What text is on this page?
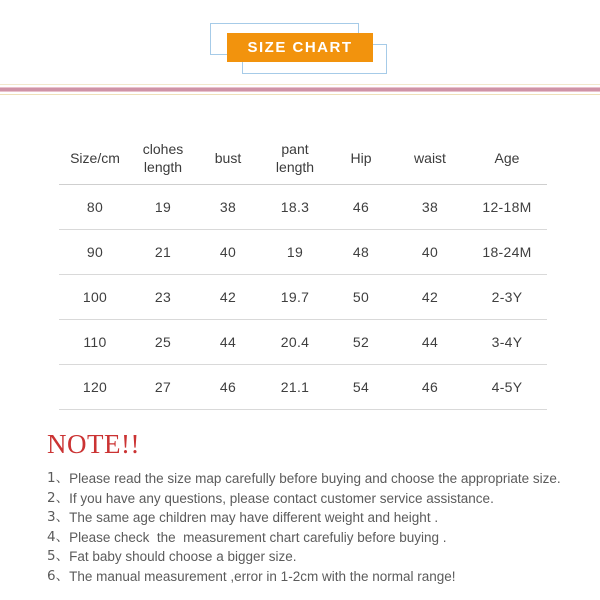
SIZE CHART
Size/cm	clohes length	bust	pant length	Hip	waist	Age
80	19	38	18.3	46	38	12-18M
90	21	40	19	48	40	18-24M
100	23	42	19.7	50	42	2-3Y
110	25	44	20.4	52	44	3-4Y
120	27	46	21.1	54	46	4-5Y
NOTE!!
1、 Please read the size map carefully before buying and choose the appropriate size.
2、 If you have any questions, please contact customer service assistance.
3、 The same age children may have different weight and height .
4、 Please check  the  measurement chart carefuliy before buying .
5、 Fat baby should choose a bigger size.
6、 The manual measurement ,error in 1-2cm with the normal range!
